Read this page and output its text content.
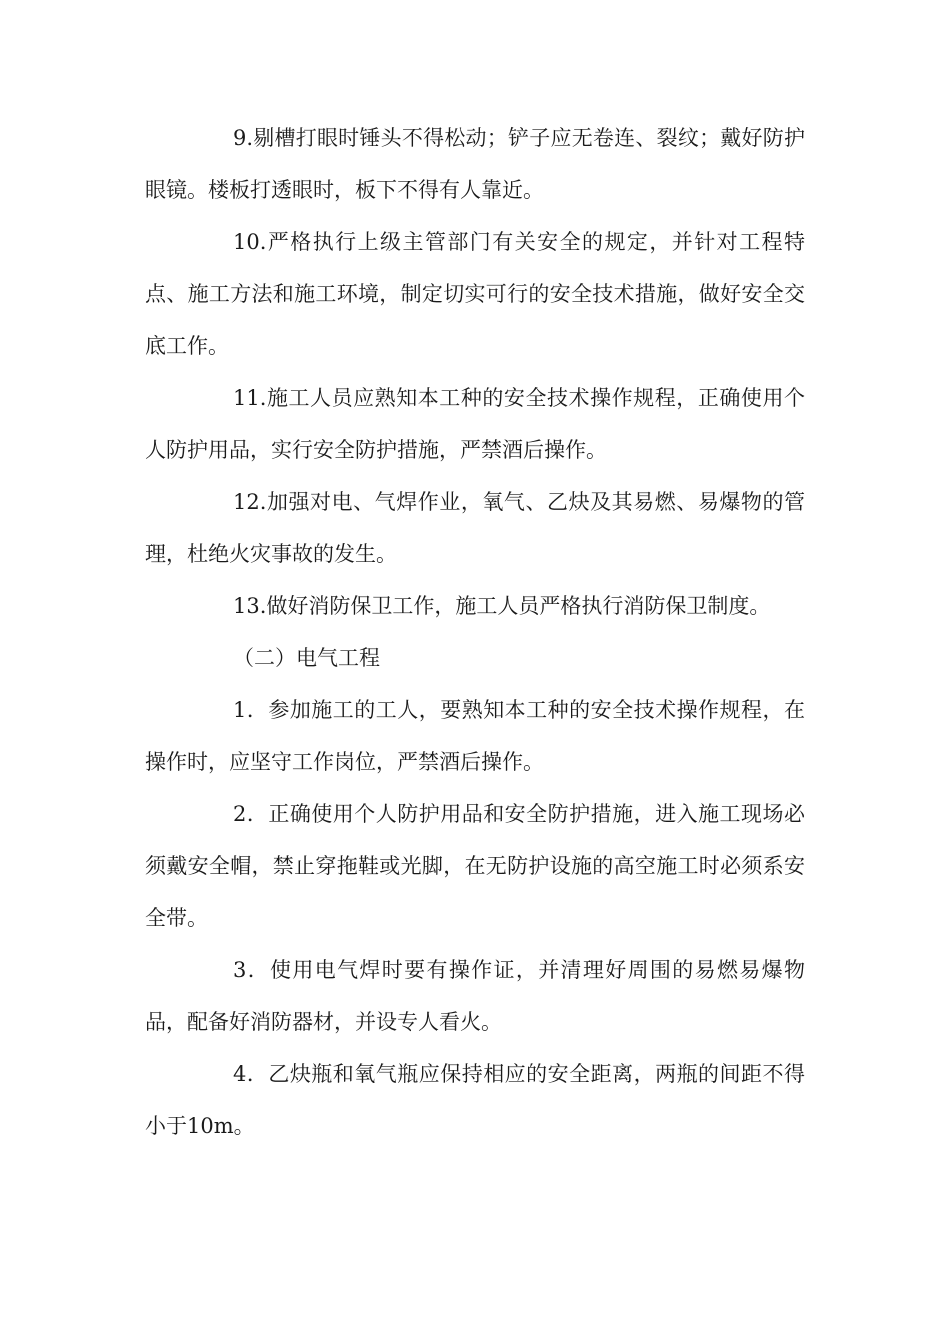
9.剔槽打眼时锤头不得松动；铲子应无卷连、裂纹；戴好防护眼镜。楼板打透眼时，板下不得有人靠近。

10.严格执行上级主管部门有关安全的规定，并针对工程特点、施工方法和施工环境，制定切实可行的安全技术措施，做好安全交底工作。

11.施工人员应熟知本工种的安全技术操作规程，正确使用个人防护用品，实行安全防护措施，严禁酒后操作。

12.加强对电、气焊作业，氧气、乙炔及其易燃、易爆物的管理，杜绝火灾事故的发生。

13.做好消防保卫工作，施工人员严格执行消防保卫制度。

（二）电气工程

1．参加施工的工人，要熟知本工种的安全技术操作规程，在操作时，应坚守工作岗位，严禁酒后操作。

2．正确使用个人防护用品和安全防护措施，进入施工现场必须戴安全帽，禁止穿拖鞋或光脚，在无防护设施的高空施工时必须系安全带。

3．使用电气焊时要有操作证，并清理好周围的易燃易爆物品，配备好消防器材，并设专人看火。

4．乙炔瓶和氧气瓶应保持相应的安全距离，两瓶的间距不得小于10m。
